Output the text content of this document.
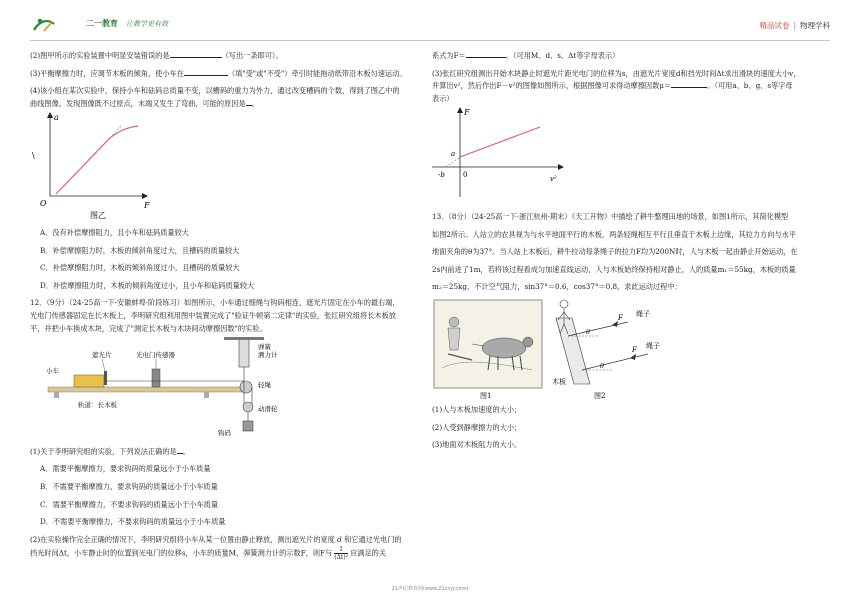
二一教育 让教学更有效	精品试卷 | 物理学科

(2)图甲所示的实验装置中明显安装错误的是	（写出一条即可）。

(3)平衡摩擦力时，应调节木板的倾角，使小车在	（填"受"或"不受"）牵引时能拖动纸带沿木板匀速运动。

(4)该小组在某次实验中，保持小车和砝码总质量不变，以槽码的重力为外力，通过改变槽码的个数，得到了图乙中的

曲线图像。发现图像既不过原点，末端又发生了弯曲，可能的原因是 。

\
a
F
O
图乙

A．没有补偿摩擦阻力，且小车和砝码质量较大

B．补偿摩擦阻力时，木板的倾斜角度过大，且槽码的质量较大

C．补偿摩擦阻力时，木板的倾斜角度过小，且槽码的质量较大

D．补偿摩擦阻力时，木板的倾斜角度过小，且小车和砝码质量较大

12．（9分）（24-25高一下·安徽蚌埠·阶段练习）如图所示，小车通过细绳与钩码相连，遮光片固定在小车的最右端，

光电门传感器固定在长木板上，李明研究组利用图中装置完成了"验证牛顿第二定律"的实验，张红研究组将长木板放

平，并把小车换成木块，完成了"测定长木板与木块间动摩擦因数"的实验。

遮光片	光电门传感器
小车
弹簧
测力计
轻绳
轨道：长木板	动滑轮
钩码

(1)关于李明研究组的实验，下列说法正确的是 。

A．需要平衡摩擦力，要求钩码的质量远小于小车质量

B．不需要平衡摩擦力，要求钩码的质量远小于小车质量

C．需要平衡摩擦力，不要求钩码的质量远小于小车质量

D．不需要平衡摩擦力，不要求钩码的质量远小于小车质量

(2)在实验操作完全正确的情况下，李明研究组将小车从某一位置由静止释放，测出遮光片的宽度 d 和它通过光电门的

挡光时间Δt，小车静止时的位置到光电门的位移s，小车的质量M，弹簧测力计的示数F，则F与 $\frac{1}{\text{(Δt)²}}$ 应满足的关

系式为F＝	。（可用M、d、s、Δt等字母表示）

(3)张红研究组测出开始木块静止时遮光片距光电门的位移为s，由遮光片宽度d和挡光时间Δt求出滑块的速度大小v，

并算出v²，然后作出F－v²的图像如图所示，根据图像可求得动摩擦因数μ＝	。（可用a、b、g、s等字母

表示）

F
v²
a
-b	0

13．（8分）（24-25高一下·浙江杭州·期末）《天工开物》中描绘了耕牛整理田地的场景，如图1所示，其简化模型

如图2所示。人站立的农具视为与水平地面平行的木板，两条轻绳相互平行且垂直于木板上边缘，其拉力方向与水平

地面夹角的θ为37°。当人站上木板后，耕牛拉动每条绳子的拉力F均为200N时，人与木板一起由静止开始运动，在

2s内前进了1m，若将该过程看成匀加速直线运动，人与木板始终保持相对静止，人的质量m₁＝55kg，木板的质量

m₂＝25kg，不计空气阻力，sin37°＝0.6，cos37°＝0.8，求此运动过程中：

图1
F
F
θ
θ
绳子
绳子
木板
图2

(1)人与木板加速度的大小；

(2)人受到静摩擦力的大小；

(3)地面对木板阻力的大小。

21世纪教育网(www.21cnjy.com)
